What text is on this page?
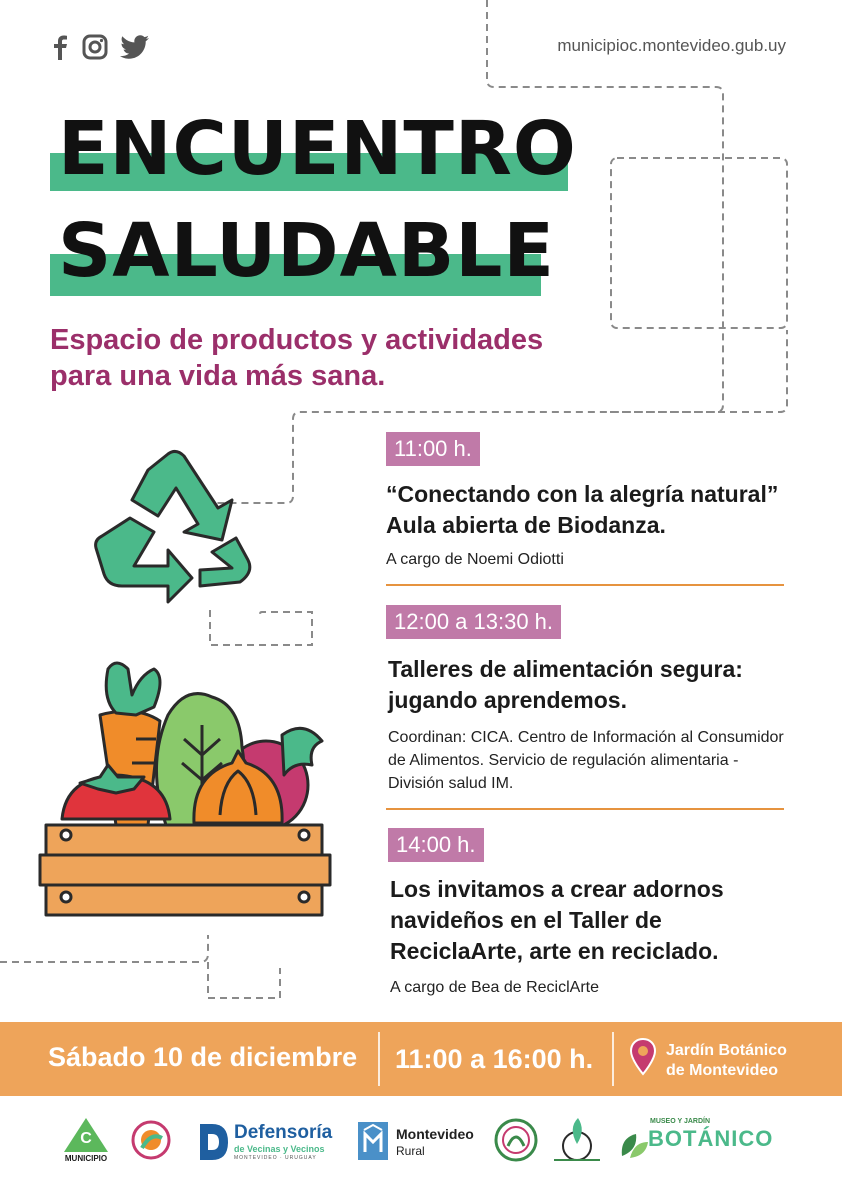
municipioc.montevideo.gub.uy
ENCUENTRO
SALUDABLE
Espacio de productos y actividades para una vida más sana.
11:00 h.
“Conectando con la alegría natural” Aula abierta de Biodanza.
A cargo de Noemi Odiotti
12:00 a 13:30 h.
Talleres de alimentación segura: jugando aprendemos.
Coordinan: CICA. Centro de Información al Consumidor de Alimentos. Servicio de regulación alimentaria - División salud IM.
14:00 h.
Los invitamos a crear adornos navideños en el Taller de ReciclaArte, arte en reciclado.
A cargo de Bea de ReciclArte
Sábado 10 de diciembre 11:00 a 16:00 h.	Jardín Botánico
de Montevideo
C
MUNICIPIO
Defensoría
de Vecinas y Vecinos
MONTEVIDEO · URUGUAY
Montevideo
Rural
MUSEO Y JARDÍN
BOTÁNICO
